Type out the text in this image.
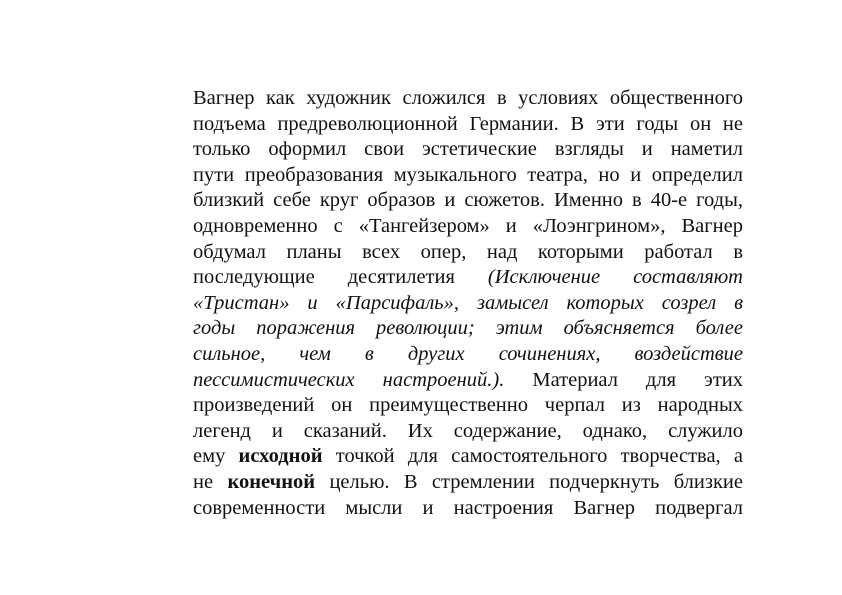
Вагнер как художник сложился в условиях общественного
подъема предреволюционной Германии. В эти годы он не
только оформил свои эстетические взгляды и наметил
пути преобразования музыкального театра, но и определил
близкий себе круг образов и сюжетов. Именно в 40-е годы,
одновременно с «Тангейзером» и «Лоэнгрином», Вагнер
обдумал планы всех опер, над которыми работал в
последующие десятилетия (Исключение составляют
«Тристан» и «Парсифаль», замысел которых созрел в
годы поражения революции; этим объясняется более
сильное, чем в других сочинениях, воздействие
пессимистических настроений.). Материал для этих
произведений он преимущественно черпал из народных
легенд и сказаний. Их содержание, однако, служило
ему исходной точкой для самостоятельного творчества, а
не конечной целью. В стремлении подчеркнуть близкие
современности мысли и настроения Вагнер подвергал
